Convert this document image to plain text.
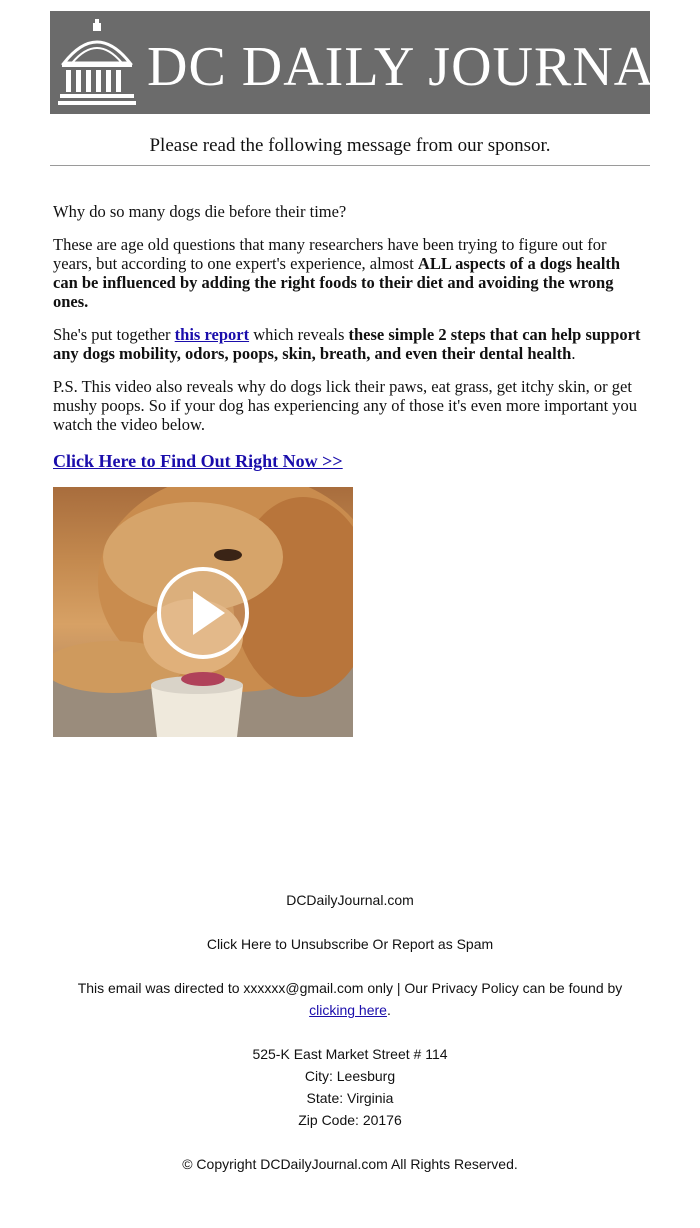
DC DAILY JOURNAL
Please read the following message from our sponsor.

Why do so many dogs die before their time?

These are age old questions that many researchers have been trying to figure out for years, but according to one expert's experience, almost ALL aspects of a dogs health can be influenced by adding the right foods to their diet and avoiding the wrong ones.

She's put together this report which reveals these simple 2 steps that can help support any dogs mobility, odors, poops, skin, breath, and even their dental health.

P.S. This video also reveals why do dogs lick their paws, eat grass, get itchy skin, or get mushy poops. So if your dog has experiencing any of those it's even more important you watch the video below.

Click Here to Find Out Right Now >>

DCDailyJournal.com

Click Here to Unsubscribe Or Report as Spam

This email was directed to xxxxxx@gmail.com only | Our Privacy Policy can be found by
clicking here.

525-K East Market Street # 114

City: Leesburg

State: Virginia

Zip Code: 20176

© Copyright DCDailyJournal.com All Rights Reserved.
